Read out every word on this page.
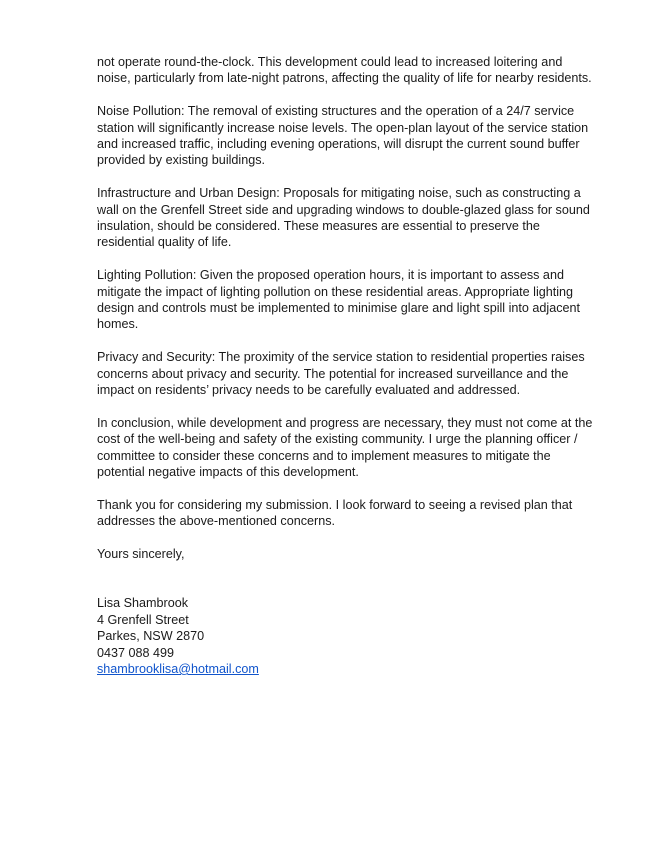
not operate round-the-clock. This development could lead to increased loitering and noise, particularly from late-night patrons, affecting the quality of life for nearby residents.

Noise Pollution: The removal of existing structures and the operation of a 24/7 service station will significantly increase noise levels. The open-plan layout of the service station and increased traffic, including evening operations, will disrupt the current sound buffer provided by existing buildings.

Infrastructure and Urban Design: Proposals for mitigating noise, such as constructing a wall on the Grenfell Street side and upgrading windows to double-glazed glass for sound insulation, should be considered. These measures are essential to preserve the residential quality of life.

Lighting Pollution: Given the proposed operation hours, it is important to assess and mitigate the impact of lighting pollution on these residential areas. Appropriate lighting design and controls must be implemented to minimise glare and light spill into adjacent homes.

Privacy and Security: The proximity of the service station to residential properties raises concerns about privacy and security. The potential for increased surveillance and the impact on residents’ privacy needs to be carefully evaluated and addressed.

In conclusion, while development and progress are necessary, they must not come at the cost of the well-being and safety of the existing community. I urge the planning officer / committee to consider these concerns and to implement measures to mitigate the potential negative impacts of this development.

Thank you for considering my submission. I look forward to seeing a revised plan that addresses the above-mentioned concerns.

Yours sincerely,

Lisa Shambrook
4 Grenfell Street
Parkes, NSW 2870
0437 088 499
shambrooklisa@hotmail.com
